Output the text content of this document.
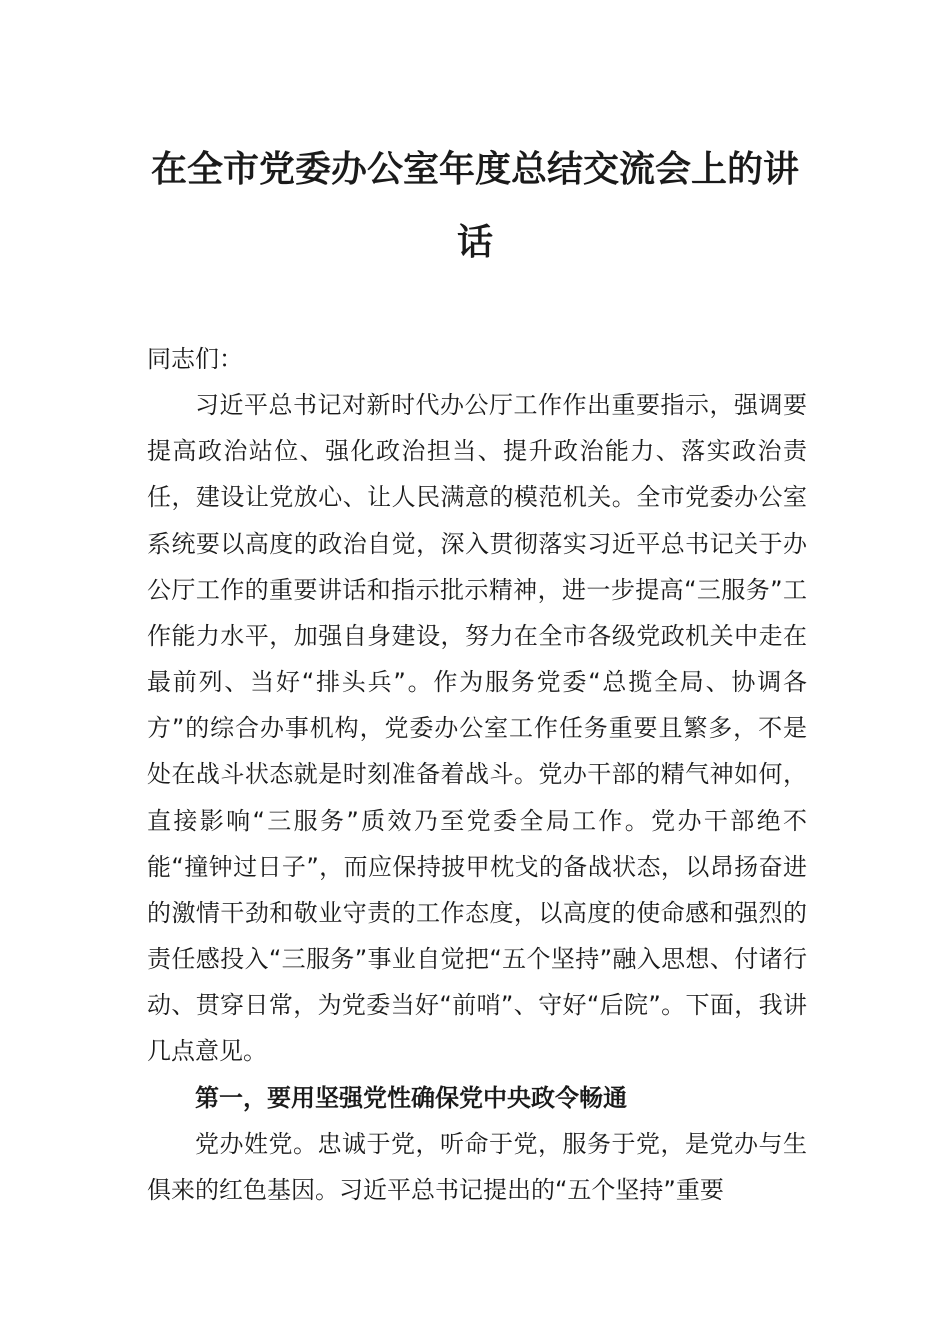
在全市党委办公室年度总结交流会上的讲
话

同志们：

习近平总书记对新时代办公厅工作作出重要指示，强调要提高政治站位、强化政治担当、提升政治能力、落实政治责任，建设让党放心、让人民满意的模范机关。全市党委办公室系统要以高度的政治自觉，深入贯彻落实习近平总书记关于办公厅工作的重要讲话和指示批示精神，进一步提高“三服务”工作能力水平，加强自身建设，努力在全市各级党政机关中走在最前列、当好“排头兵”。作为服务党委“总揽全局、协调各方”的综合办事机构，党委办公室工作任务重要且繁多，不是处在战斗状态就是时刻准备着战斗。党办干部的精气神如何，直接影响“三服务”质效乃至党委全局工作。党办干部绝不能“撞钟过日子”，而应保持披甲枕戈的备战状态，以昂扬奋进的激情干劲和敬业守责的工作态度，以高度的使命感和强烈的责任感投入“三服务”事业自觉把“五个坚持”融入思想、付诸行动、贯穿日常，为党委当好“前哨”、守好“后院”。下面，我讲几点意见。

第一，要用坚强党性确保党中央政令畅通

党办姓党。忠诚于党，听命于党，服务于党，是党办与生俱来的红色基因。习近平总书记提出的“五个坚持”重要
